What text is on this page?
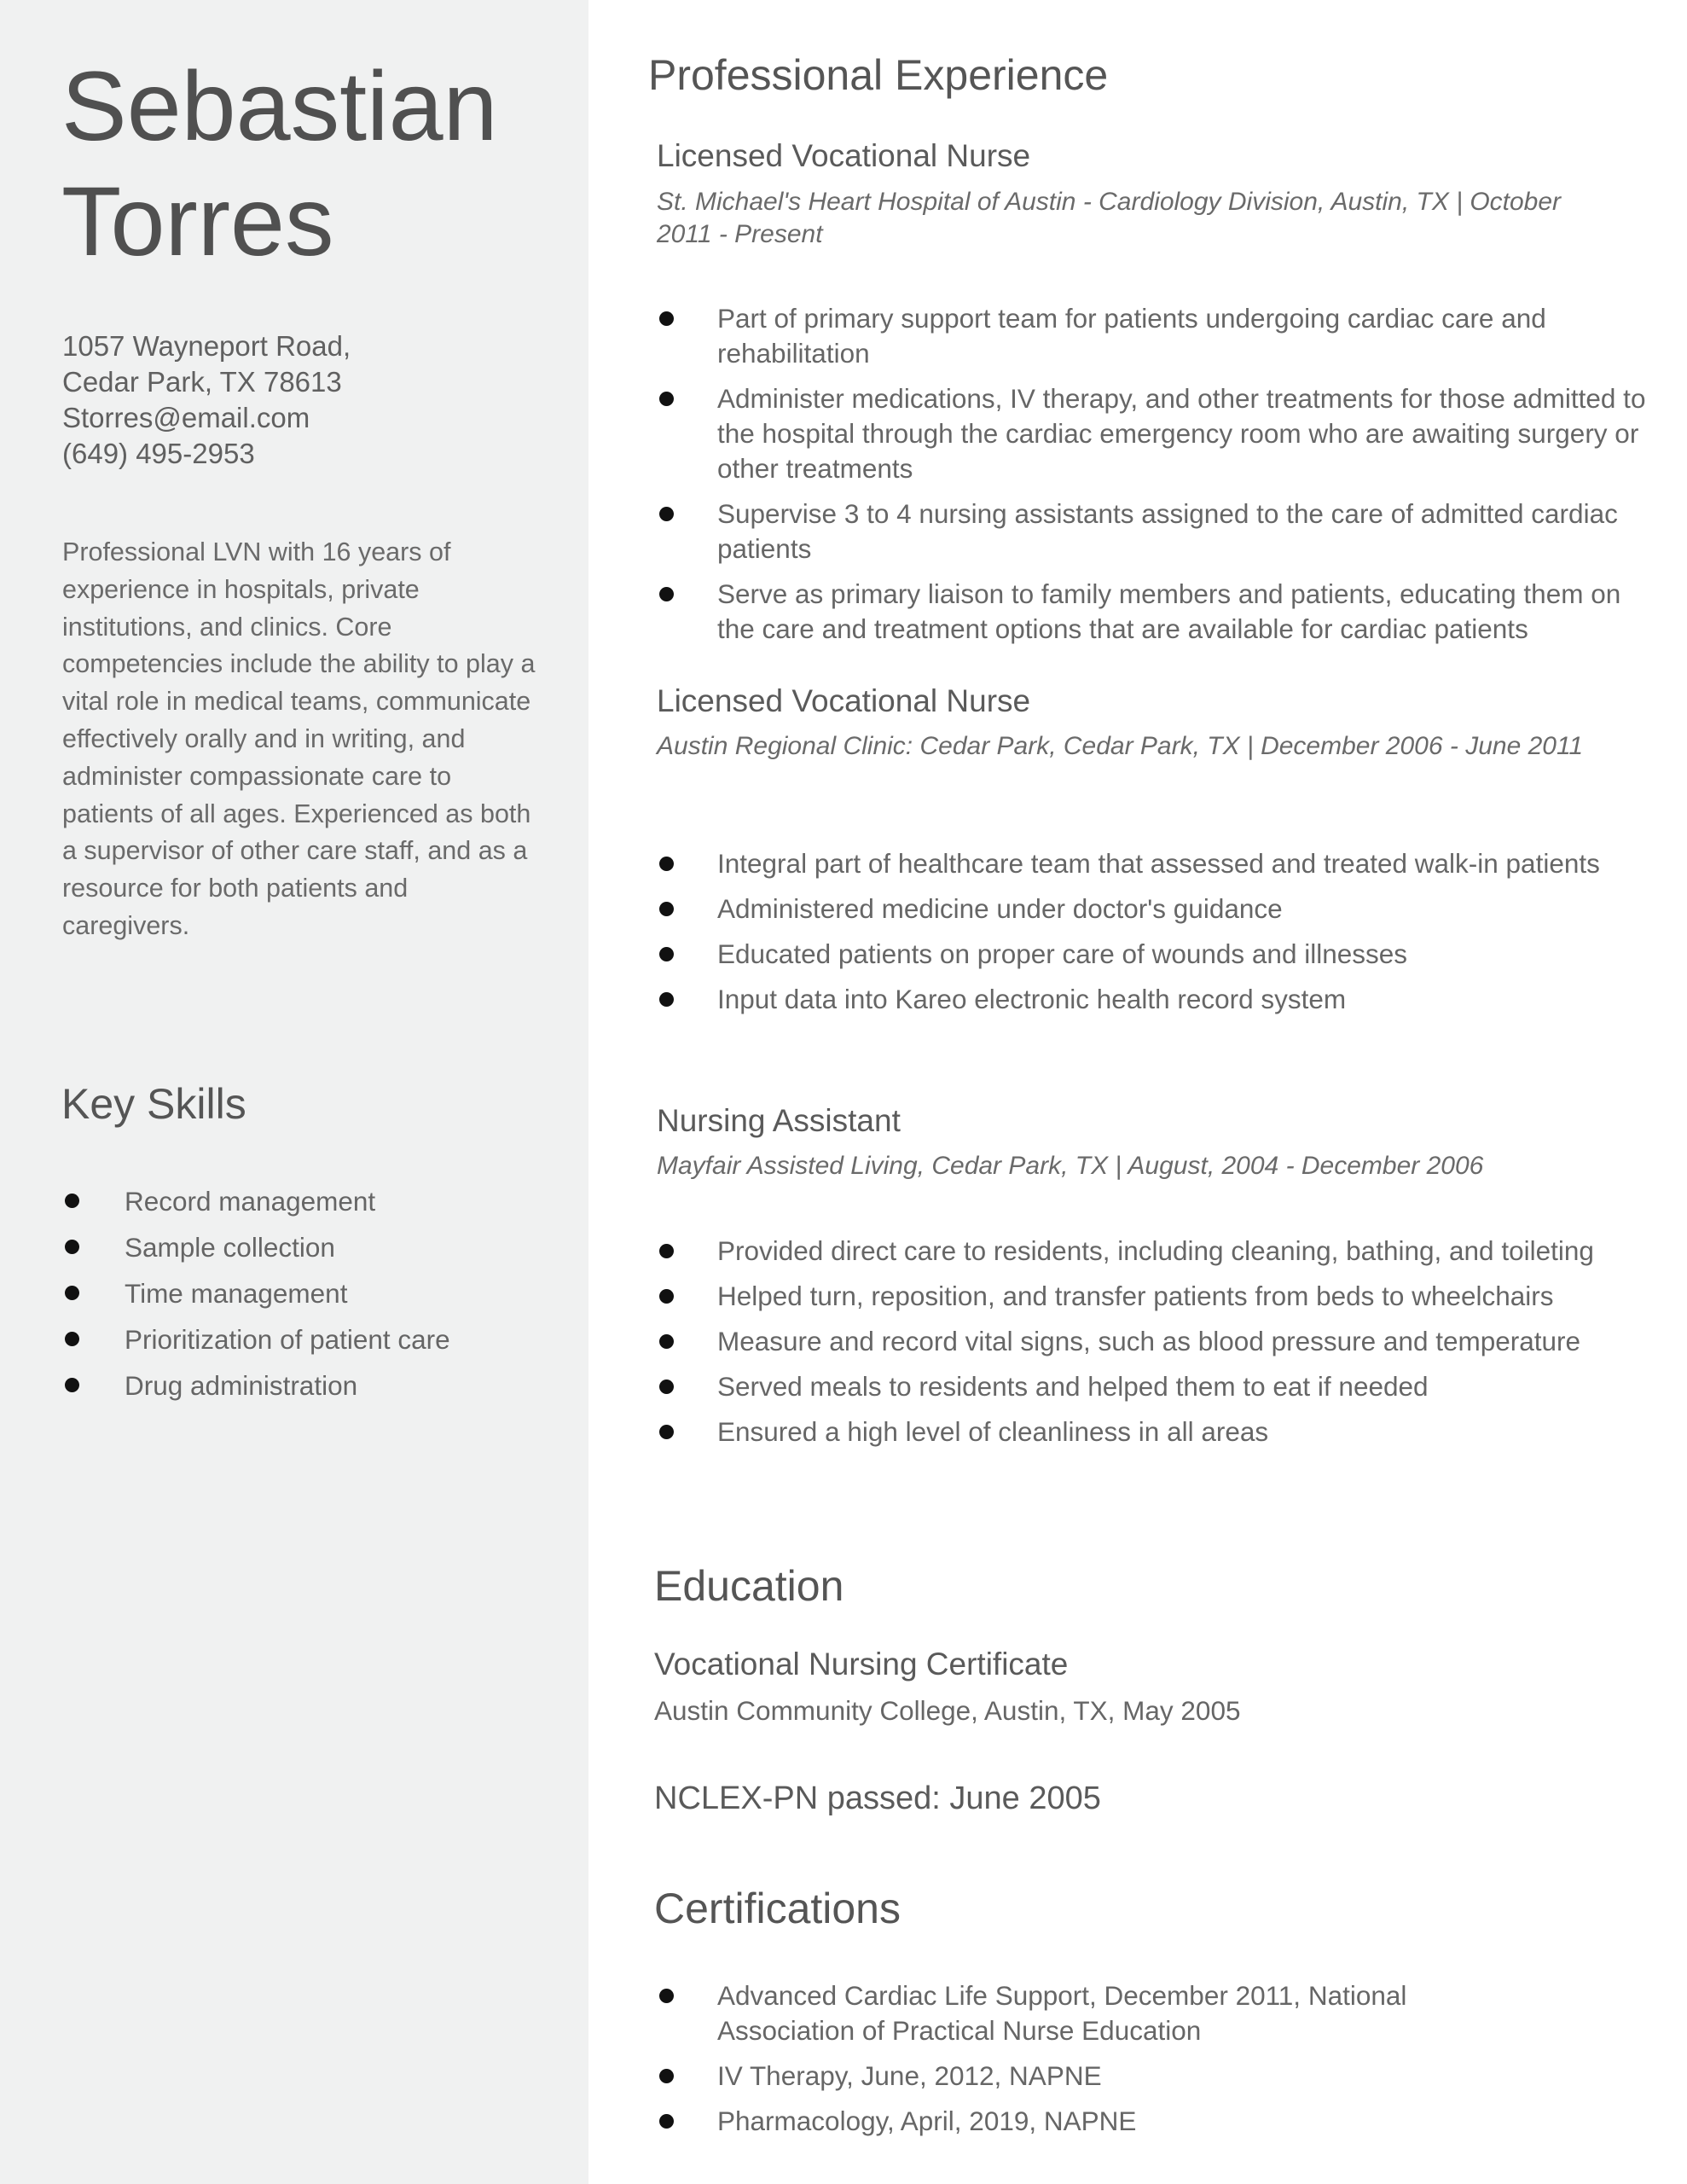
Sebastian
Torres
1057 Wayneport Road,
Cedar Park, TX 78613
Storres@email.com
(649) 495-2953

Professional LVN with 16 years of experience in hospitals, private institutions, and clinics. Core competencies include the ability to play a vital role in medical teams, communicate effectively orally and in writing, and administer compassionate care to patients of all ages. Experienced as both a supervisor of other care staff, and as a resource for both patients and caregivers.

Key Skills
Record management
Sample collection
Time management
Prioritization of patient care
Drug administration
Professional Experience
Licensed Vocational Nurse

St. Michael's Heart Hospital of Austin - Cardiology Division, Austin, TX | October 2011 - Present

Part of primary support team for patients undergoing cardiac care and rehabilitation
Administer medications, IV therapy, and other treatments for those admitted to the hospital through the cardiac emergency room who are awaiting surgery or other treatments
Supervise 3 to 4 nursing assistants assigned to the care of admitted cardiac patients
Serve as primary liaison to family members and patients, educating them on the care and treatment options that are available for cardiac patients
Licensed Vocational Nurse

Austin Regional Clinic: Cedar Park, Cedar Park, TX | December 2006 - June 2011

Integral part of healthcare team that assessed and treated walk-in patients
Administered medicine under doctor's guidance
Educated patients on proper care of wounds and illnesses
Input data into Kareo electronic health record system
Nursing Assistant

Mayfair Assisted Living, Cedar Park, TX | August, 2004 - December 2006

Provided direct care to residents, including cleaning, bathing, and toileting
Helped turn, reposition, and transfer patients from beds to wheelchairs
Measure and record vital signs, such as blood pressure and temperature
Served meals to residents and helped them to eat if needed
Ensured a high level of cleanliness in all areas
Education
Vocational Nursing Certificate

Austin Community College, Austin, TX, May 2005

NCLEX-PN passed: June 2005

Certifications
Advanced Cardiac Life Support, December 2011, National Association of Practical Nurse Education
IV Therapy, June, 2012, NAPNE
Pharmacology, April, 2019, NAPNE
